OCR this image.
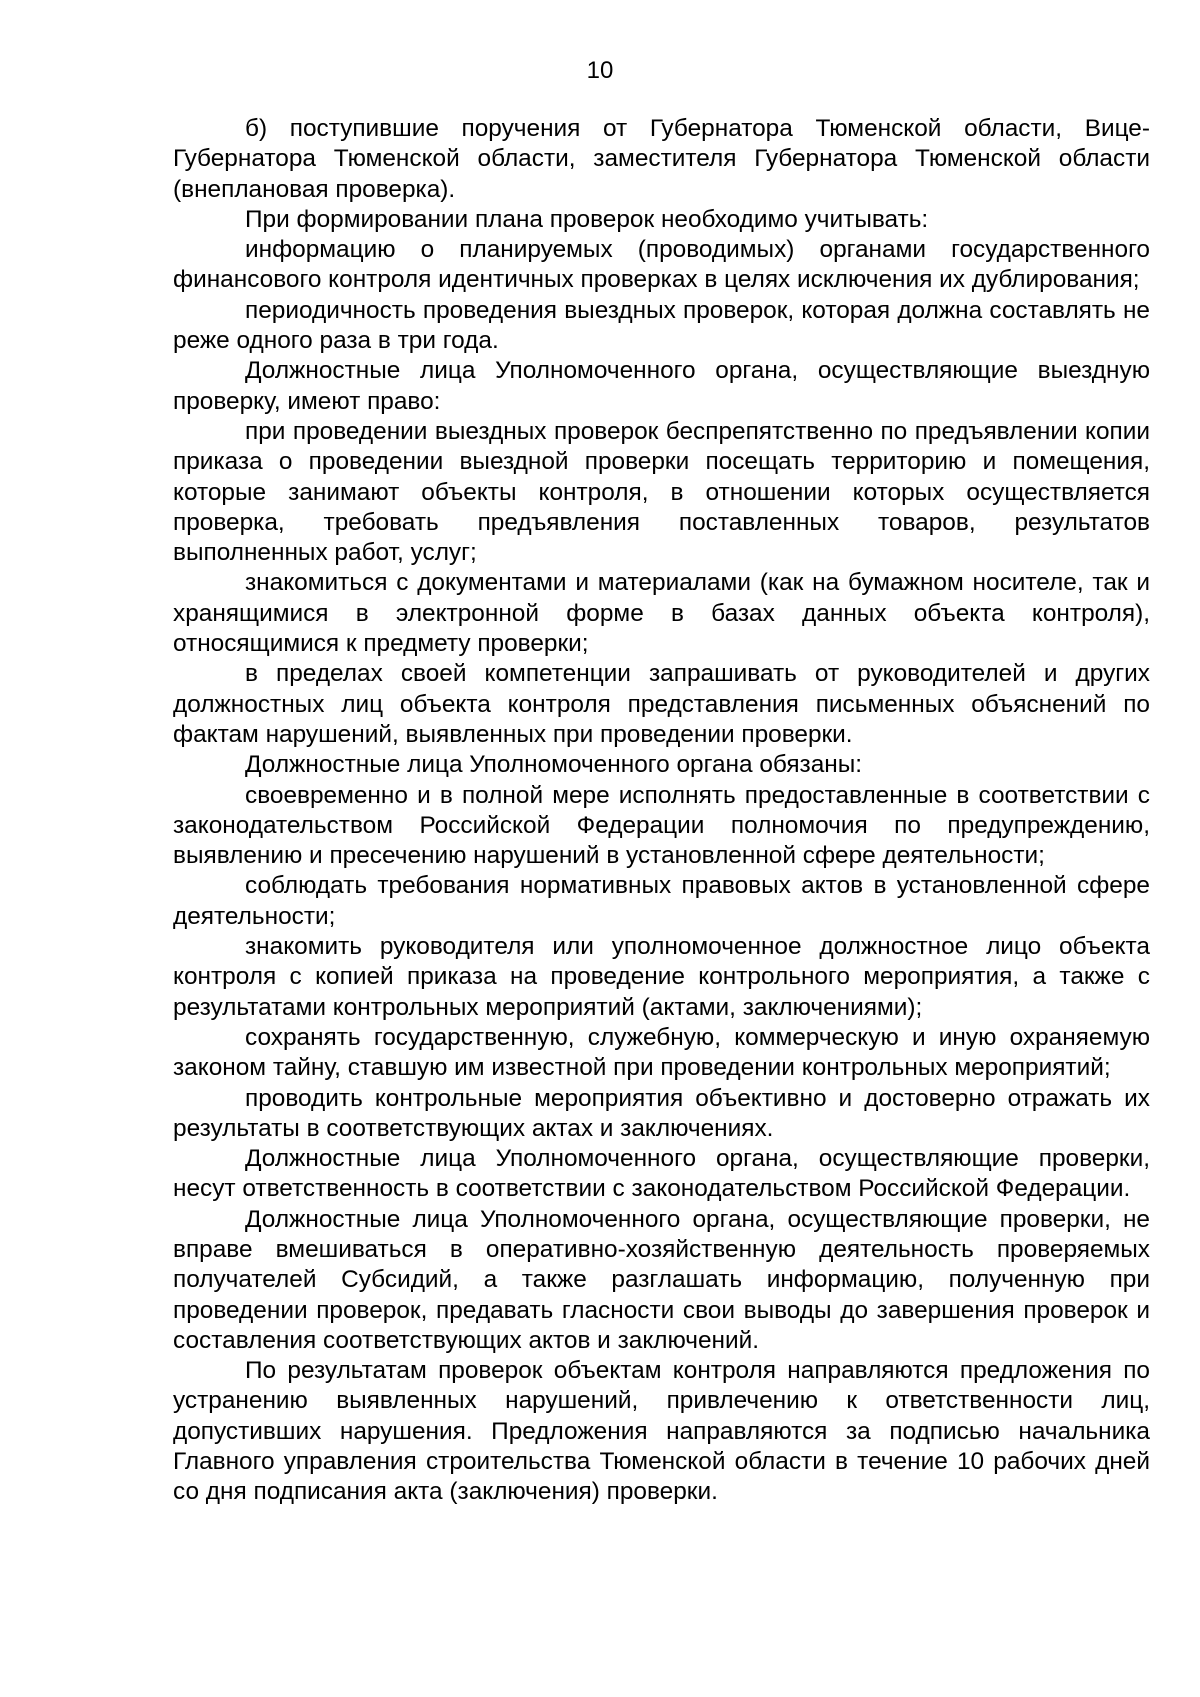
10

б) поступившие поручения от Губернатора Тюменской области, Вице-Губернатора Тюменской области, заместителя Губернатора Тюменской области (внеплановая проверка).

При формировании плана проверок необходимо учитывать:

информацию о планируемых (проводимых) органами государственного финансового контроля идентичных проверках в целях исключения их дублирования;

периодичность проведения выездных проверок, которая должна составлять не реже одного раза в три года.

Должностные лица Уполномоченного органа, осуществляющие выездную проверку, имеют право:

при проведении выездных проверок беспрепятственно по предъявлении копии приказа о проведении выездной проверки посещать территорию и помещения, которые занимают объекты контроля, в отношении которых осуществляется проверка, требовать предъявления поставленных товаров, результатов выполненных работ, услуг;

знакомиться с документами и материалами (как на бумажном носителе, так и хранящимися в электронной форме в базах данных объекта контроля), относящимися к предмету проверки;

в пределах своей компетенции запрашивать от руководителей и других должностных лиц объекта контроля представления письменных объяснений по фактам нарушений, выявленных при проведении проверки.

Должностные лица Уполномоченного органа обязаны:

своевременно и в полной мере исполнять предоставленные в соответствии с законодательством Российской Федерации полномочия по предупреждению, выявлению и пресечению нарушений в установленной сфере деятельности;

соблюдать требования нормативных правовых актов в установленной сфере деятельности;

знакомить руководителя или уполномоченное должностное лицо объекта контроля с копией приказа на проведение контрольного мероприятия, а также с результатами контрольных мероприятий (актами, заключениями);

сохранять государственную, служебную, коммерческую и иную охраняемую законом тайну, ставшую им известной при проведении контрольных мероприятий;

проводить контрольные мероприятия объективно и достоверно отражать их результаты в соответствующих актах и заключениях.

Должностные лица Уполномоченного органа, осуществляющие проверки, несут ответственность в соответствии с законодательством Российской Федерации.

Должностные лица Уполномоченного органа, осуществляющие проверки, не вправе вмешиваться в оперативно-хозяйственную деятельность проверяемых получателей Субсидий, а также разглашать информацию, полученную при проведении проверок, предавать гласности свои выводы до завершения проверок и составления соответствующих актов и заключений.

По результатам проверок объектам контроля направляются предложения по устранению выявленных нарушений, привлечению к ответственности лиц, допустивших нарушения. Предложения направляются за подписью начальника Главного управления строительства Тюменской области в течение 10 рабочих дней со дня подписания акта (заключения) проверки.
